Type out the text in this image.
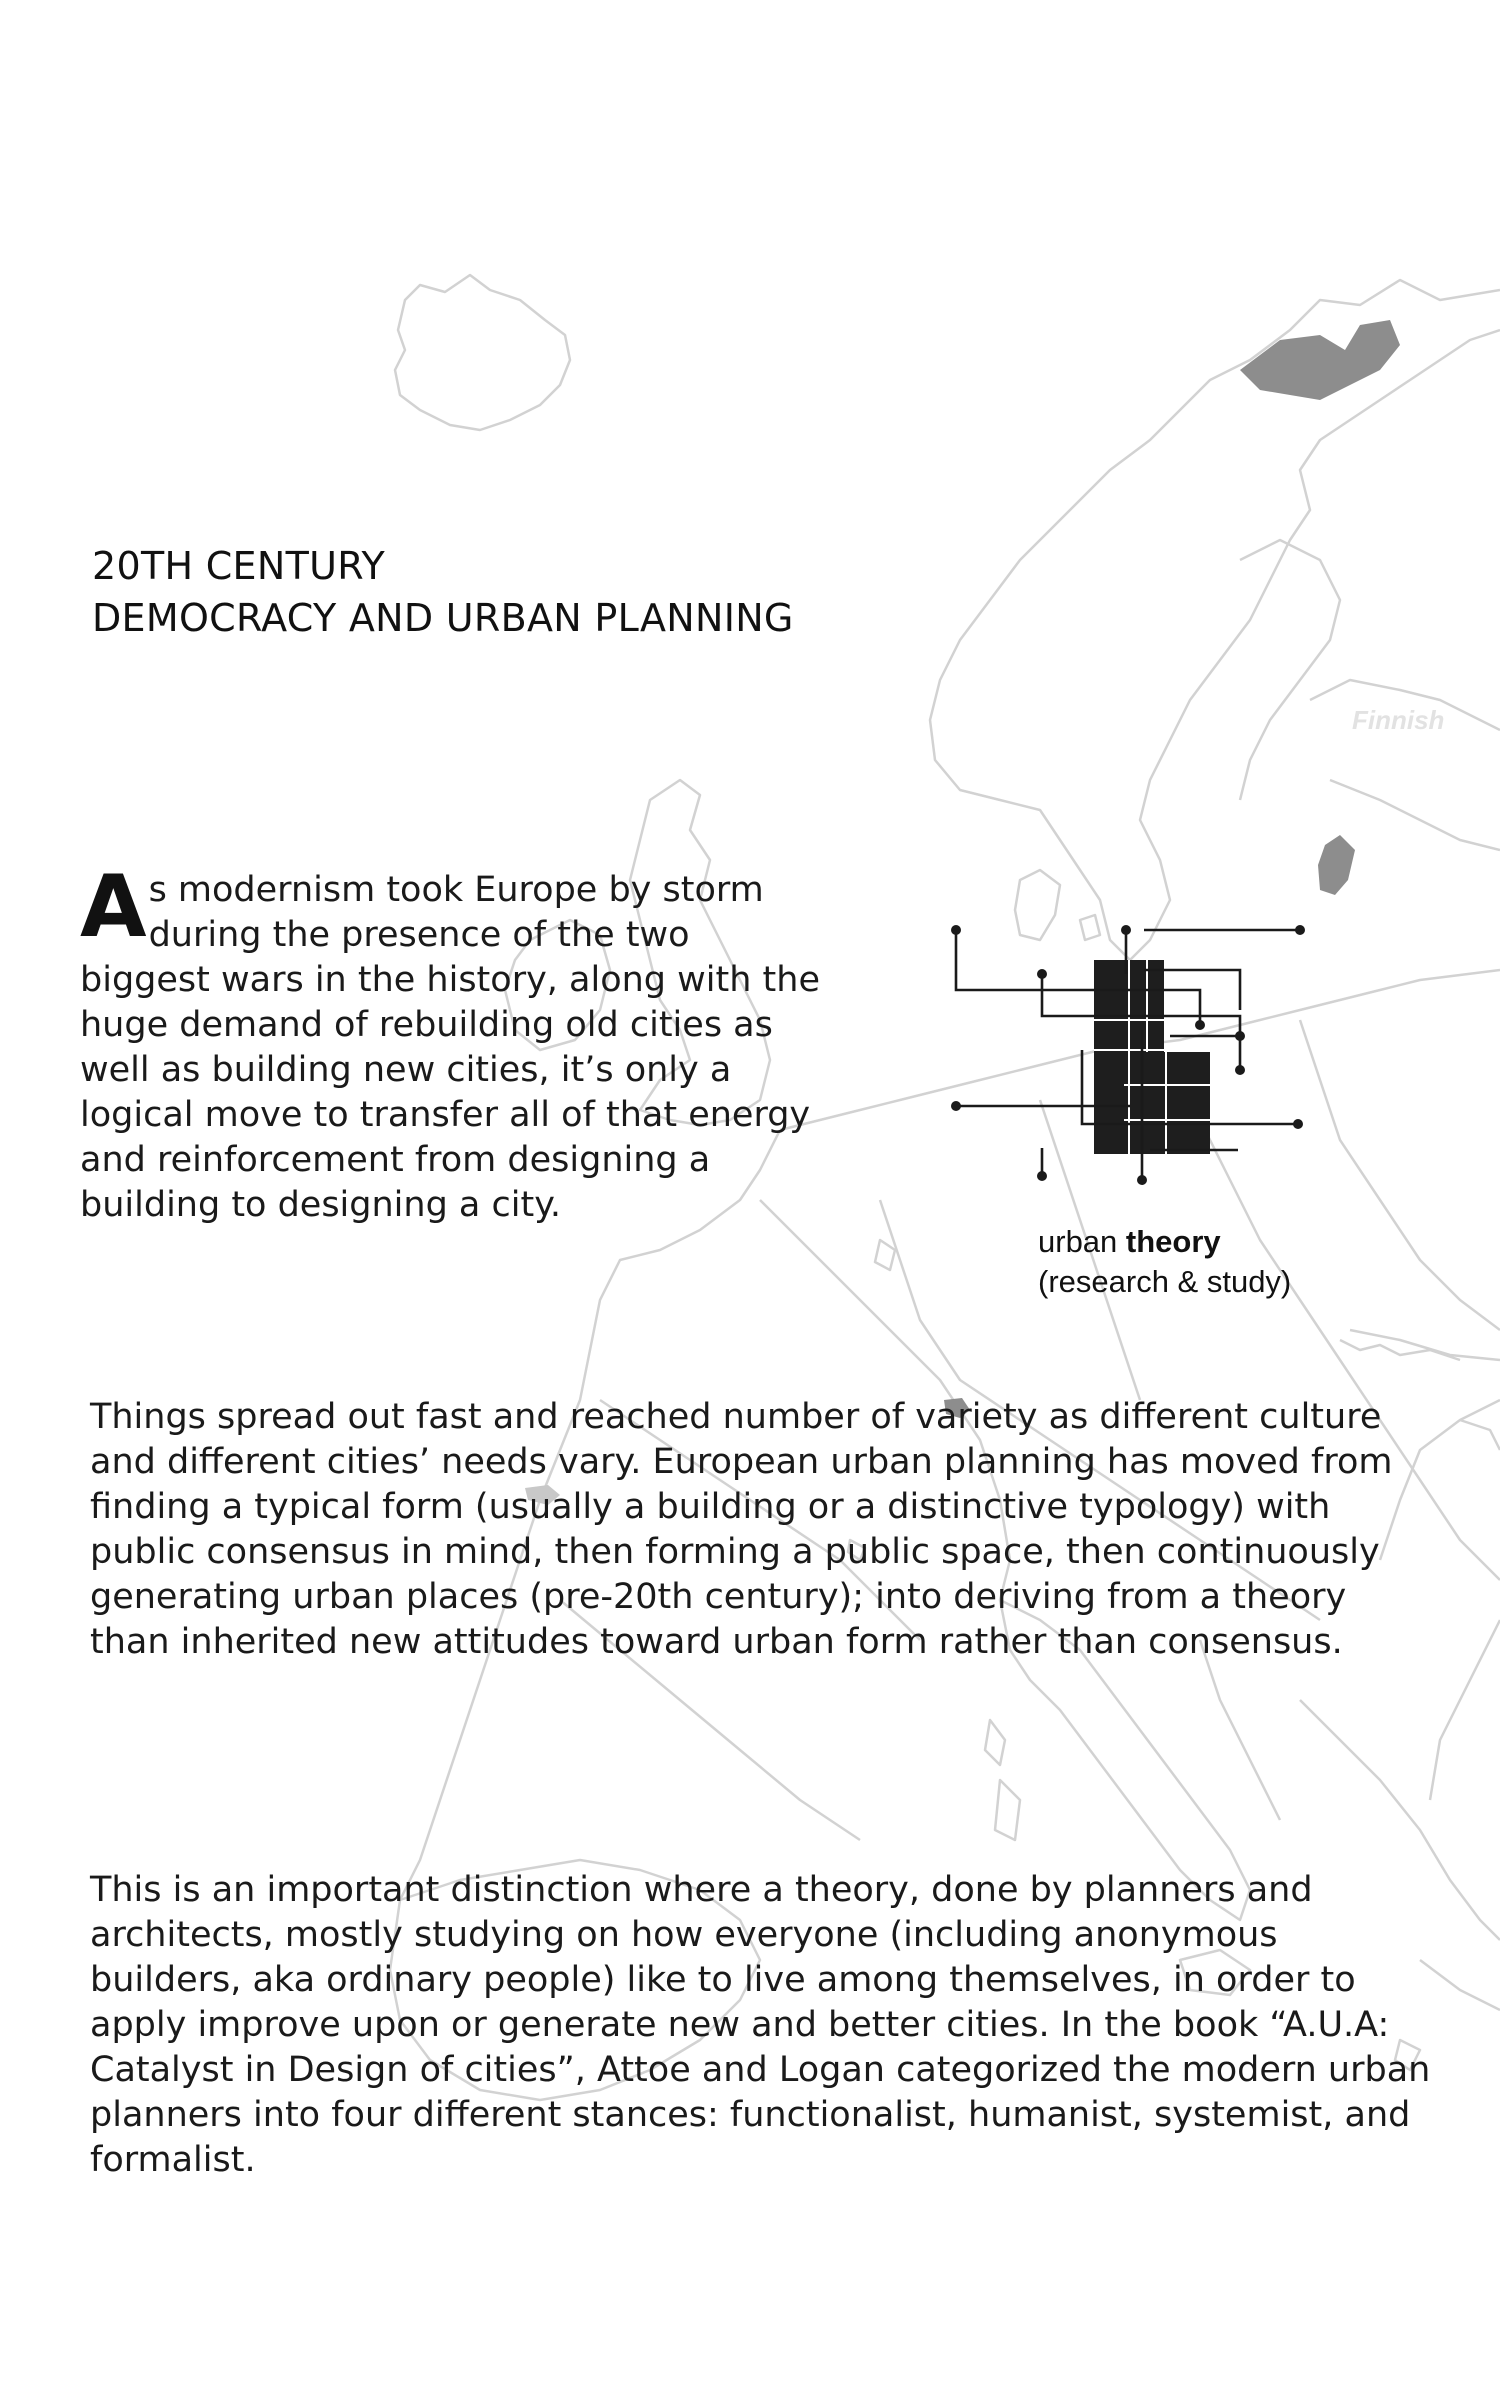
Finnish
20TH CENTURY
DEMOCRACY AND URBAN PLANNING
As modernism took Europe by storm during the presence of the two biggest wars in the history, along with the huge demand of rebuilding old cities as well as building new cities, it’s only a logical move to transfer all of that energy and reinforcement from designing a building to designing a city.
urban theory
(research & study)
Things spread out fast and reached number of variety as different culture and different cities’ needs vary. European urban planning has moved from finding a typical form (usually a building or a distinctive typology) with public consensus in mind, then forming a public space, then continuously generating urban places (pre-20th century); into deriving from a theory than inherited new attitudes toward urban form rather than consensus.
This is an important distinction where a theory, done by planners and architects, mostly studying on how everyone (including anonymous builders, aka ordinary people) like to live among themselves, in order to apply improve upon or generate new and better cities. In the book “A.U.A: Catalyst in Design of cities”, Attoe and Logan categorized the modern urban planners into four different stances: functionalist, humanist, systemist, and formalist.
